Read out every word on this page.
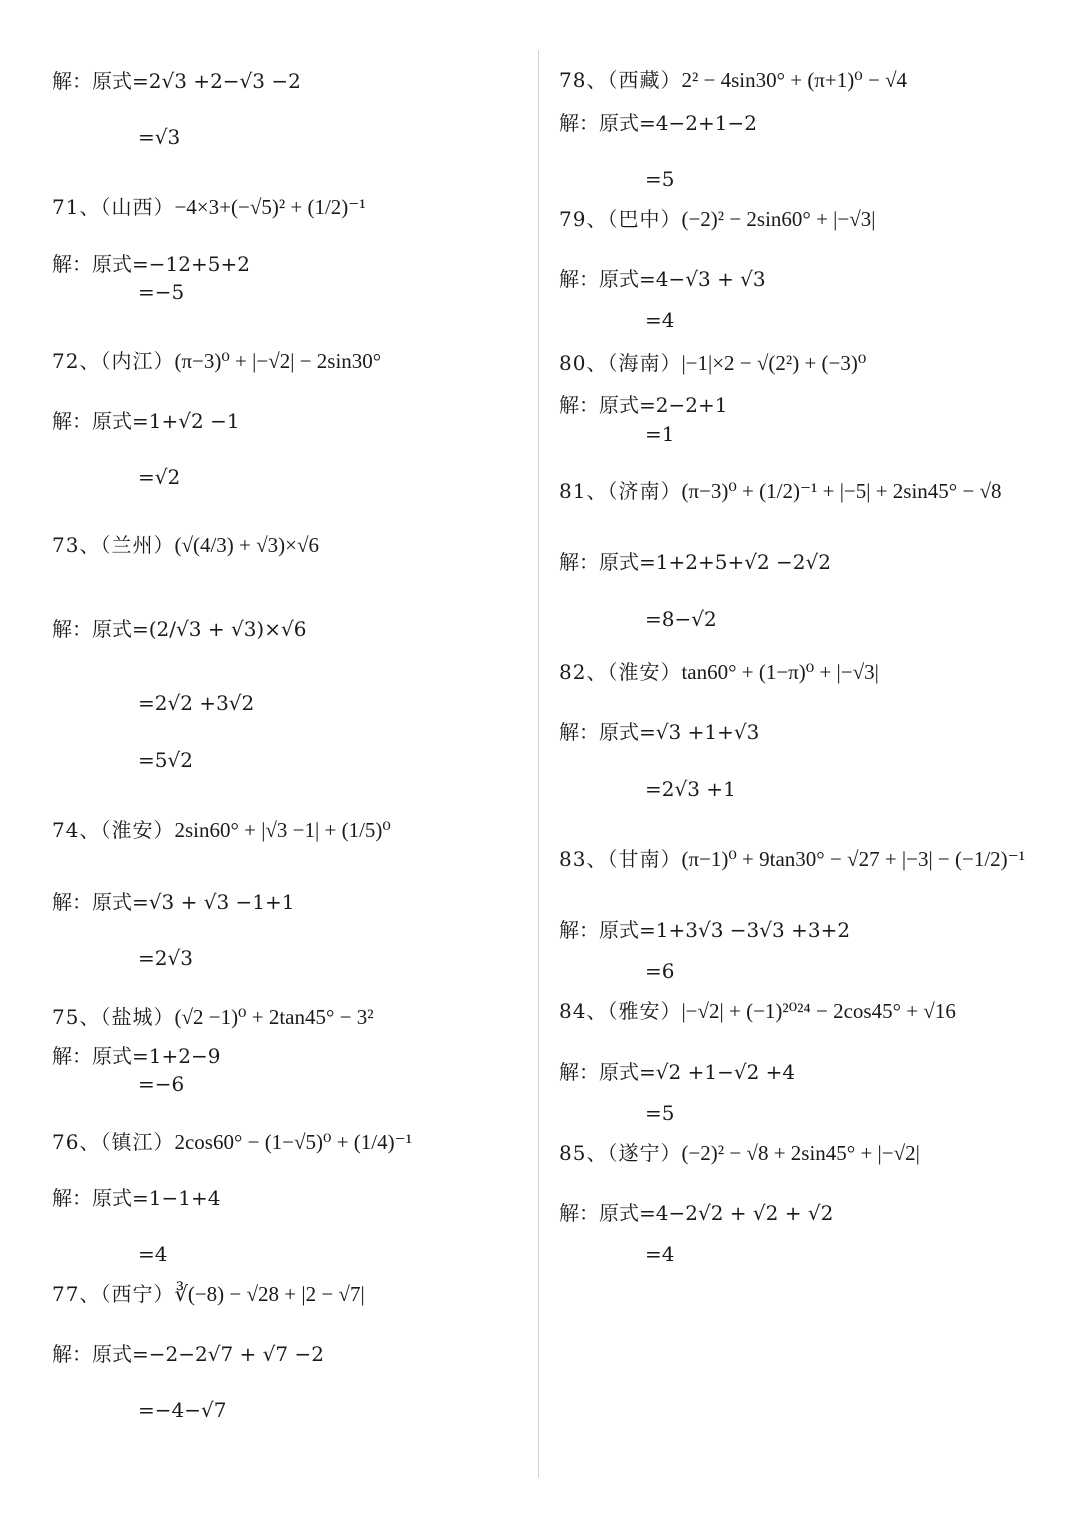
解：原式=2√3 +2−√3 −2
=√3
71、（山西） −4×3+(−√5)² + (1/2)⁻¹
解：原式=−12+5+2
=−5
72、（内江） (π−3)⁰ + |−√2| − 2sin30°
解：原式=1+√2 −1
=√2
73、（兰州） (√(4/3) + √3)×√6
解：原式=(2/√3 + √3)×√6
=2√2 +3√2
=5√2
74、（淮安） 2sin60° + |√3 −1| + (1/5)⁰
解：原式=√3 + √3 −1+1
=2√3
75、（盐城） (√2 −1)⁰ + 2tan45° − 3²
解：原式=1+2−9
=−6
76、（镇江） 2cos60° − (1−√5)⁰ + (1/4)⁻¹
解：原式=1−1+4
=4
77、（西宁） ∛(−8) − √28 + |2 − √7|
解：原式=−2−2√7 + √7 −2
=−4−√7
78、（西藏） 2² − 4sin30° + (π+1)⁰ − √4
解：原式=4−2+1−2
=5
79、（巴中） (−2)² − 2sin60° + |−√3|
解：原式=4−√3 + √3
=4
80、（海南） |−1|×2 − √(2²) + (−3)⁰
解：原式=2−2+1
=1
81、（济南） (π−3)⁰ + (1/2)⁻¹ + |−5| + 2sin45° − √8
解：原式=1+2+5+√2 −2√2
=8−√2
82、（淮安） tan60° + (1−π)⁰ + |−√3|
解：原式=√3 +1+√3
=2√3 +1
83、（甘南） (π−1)⁰ + 9tan30° − √27 + |−3| − (−1/2)⁻¹
解：原式=1+3√3 −3√3 +3+2
=6
84、（雅安） |−√2| + (−1)²⁰²⁴ − 2cos45° + √16
解：原式=√2 +1−√2 +4
=5
85、（遂宁） (−2)² − √8 + 2sin45° + |−√2|
解：原式=4−2√2 + √2 + √2
=4
